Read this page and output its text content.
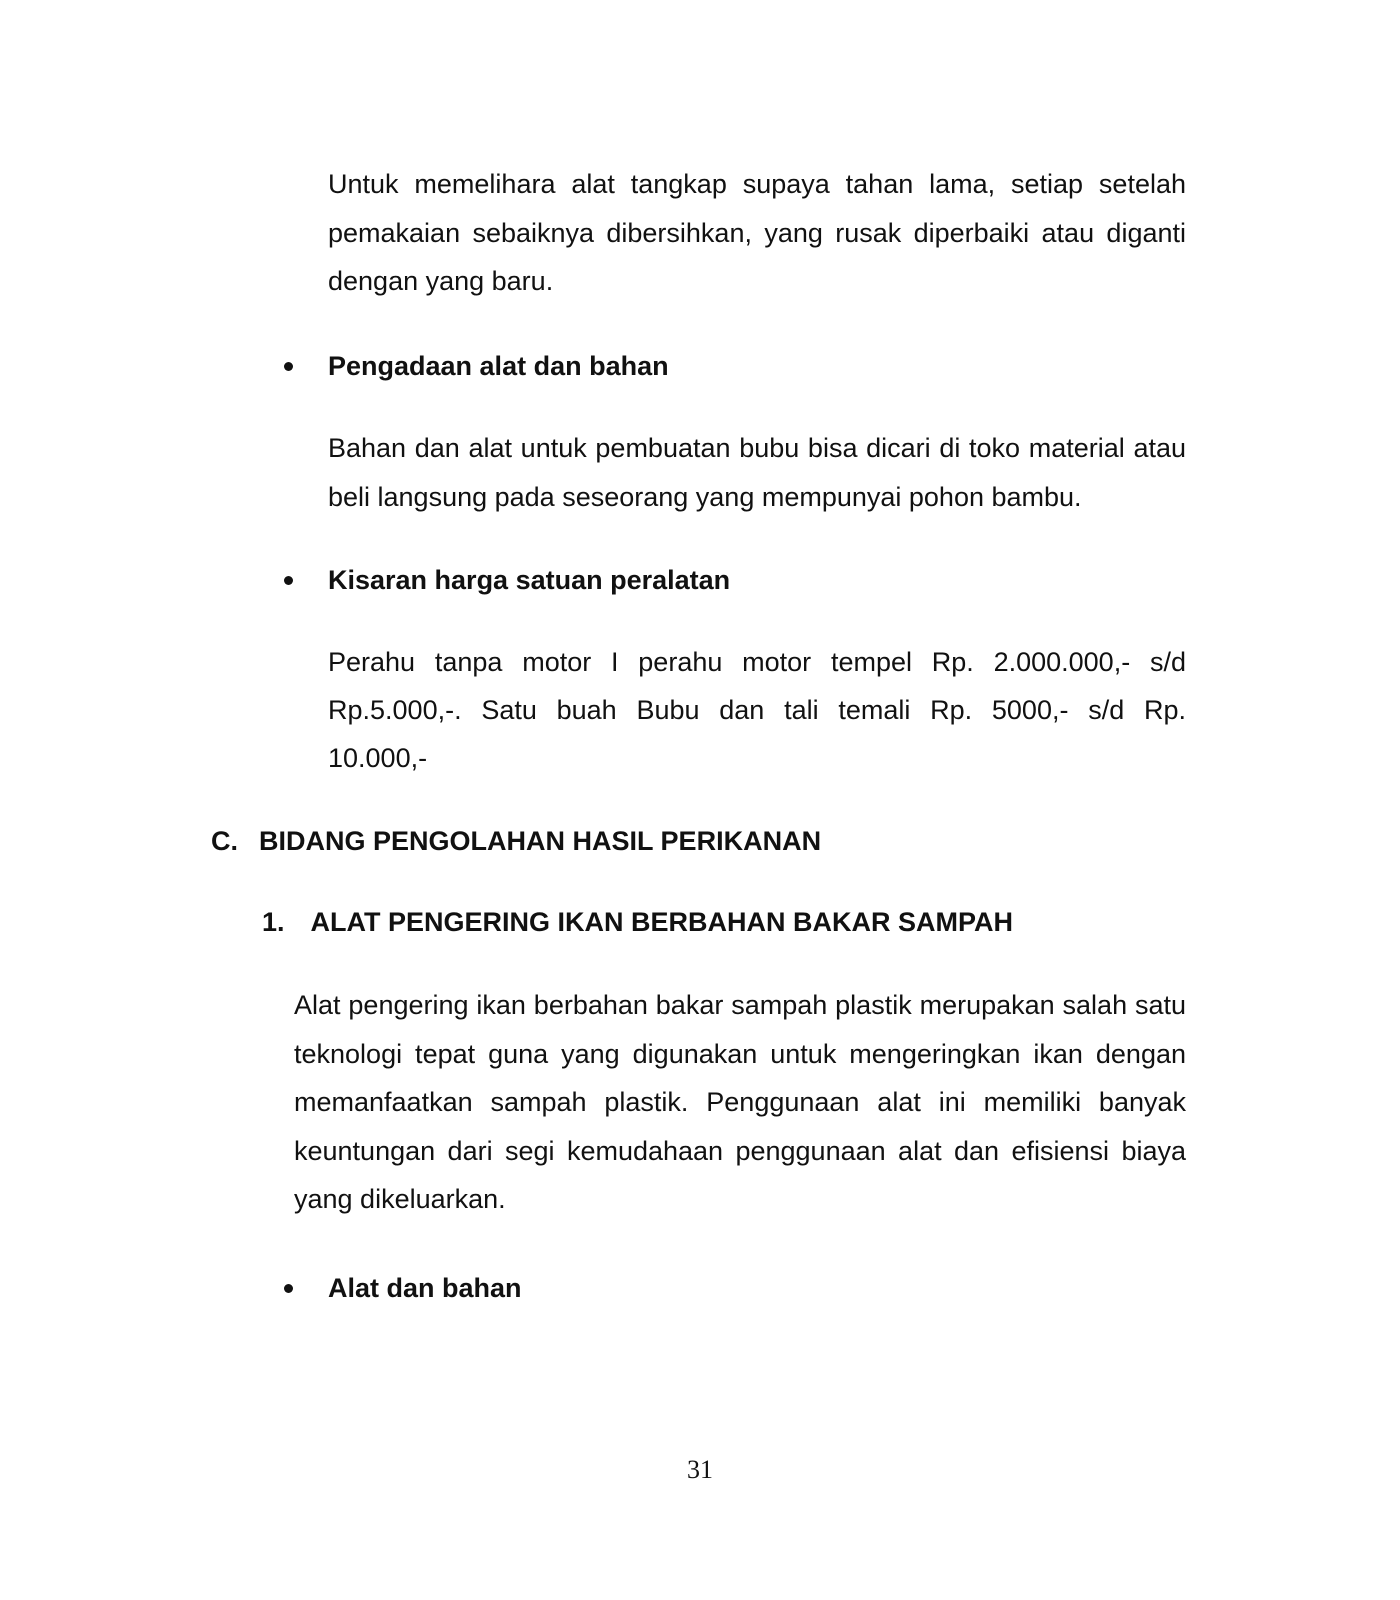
Untuk memelihara alat tangkap supaya tahan lama, setiap setelah pemakaian sebaiknya dibersihkan, yang rusak diperbaiki atau diganti dengan yang baru.

Pengadaan alat dan bahan

Bahan dan alat untuk pembuatan bubu bisa dicari di toko material atau beli langsung pada seseorang yang mempunyai pohon bambu.

Kisaran harga satuan peralatan

Perahu tanpa motor I perahu motor tempel Rp. 2.000.000,- s/d

Rp.5.000,-. Satu buah Bubu dan tali temali Rp. 5000,- s/d Rp.

10.000,-

C. BIDANG PENGOLAHAN HASIL PERIKANAN
1. ALAT PENGERING IKAN BERBAHAN BAKAR SAMPAH

Alat pengering ikan berbahan bakar sampah plastik merupakan salah satu teknologi tepat guna yang digunakan untuk mengeringkan ikan dengan memanfaatkan sampah plastik. Penggunaan alat ini memiliki banyak keuntungan dari segi kemudahaan penggunaan alat dan efisiensi biaya yang dikeluarkan.

Alat dan bahan
31
